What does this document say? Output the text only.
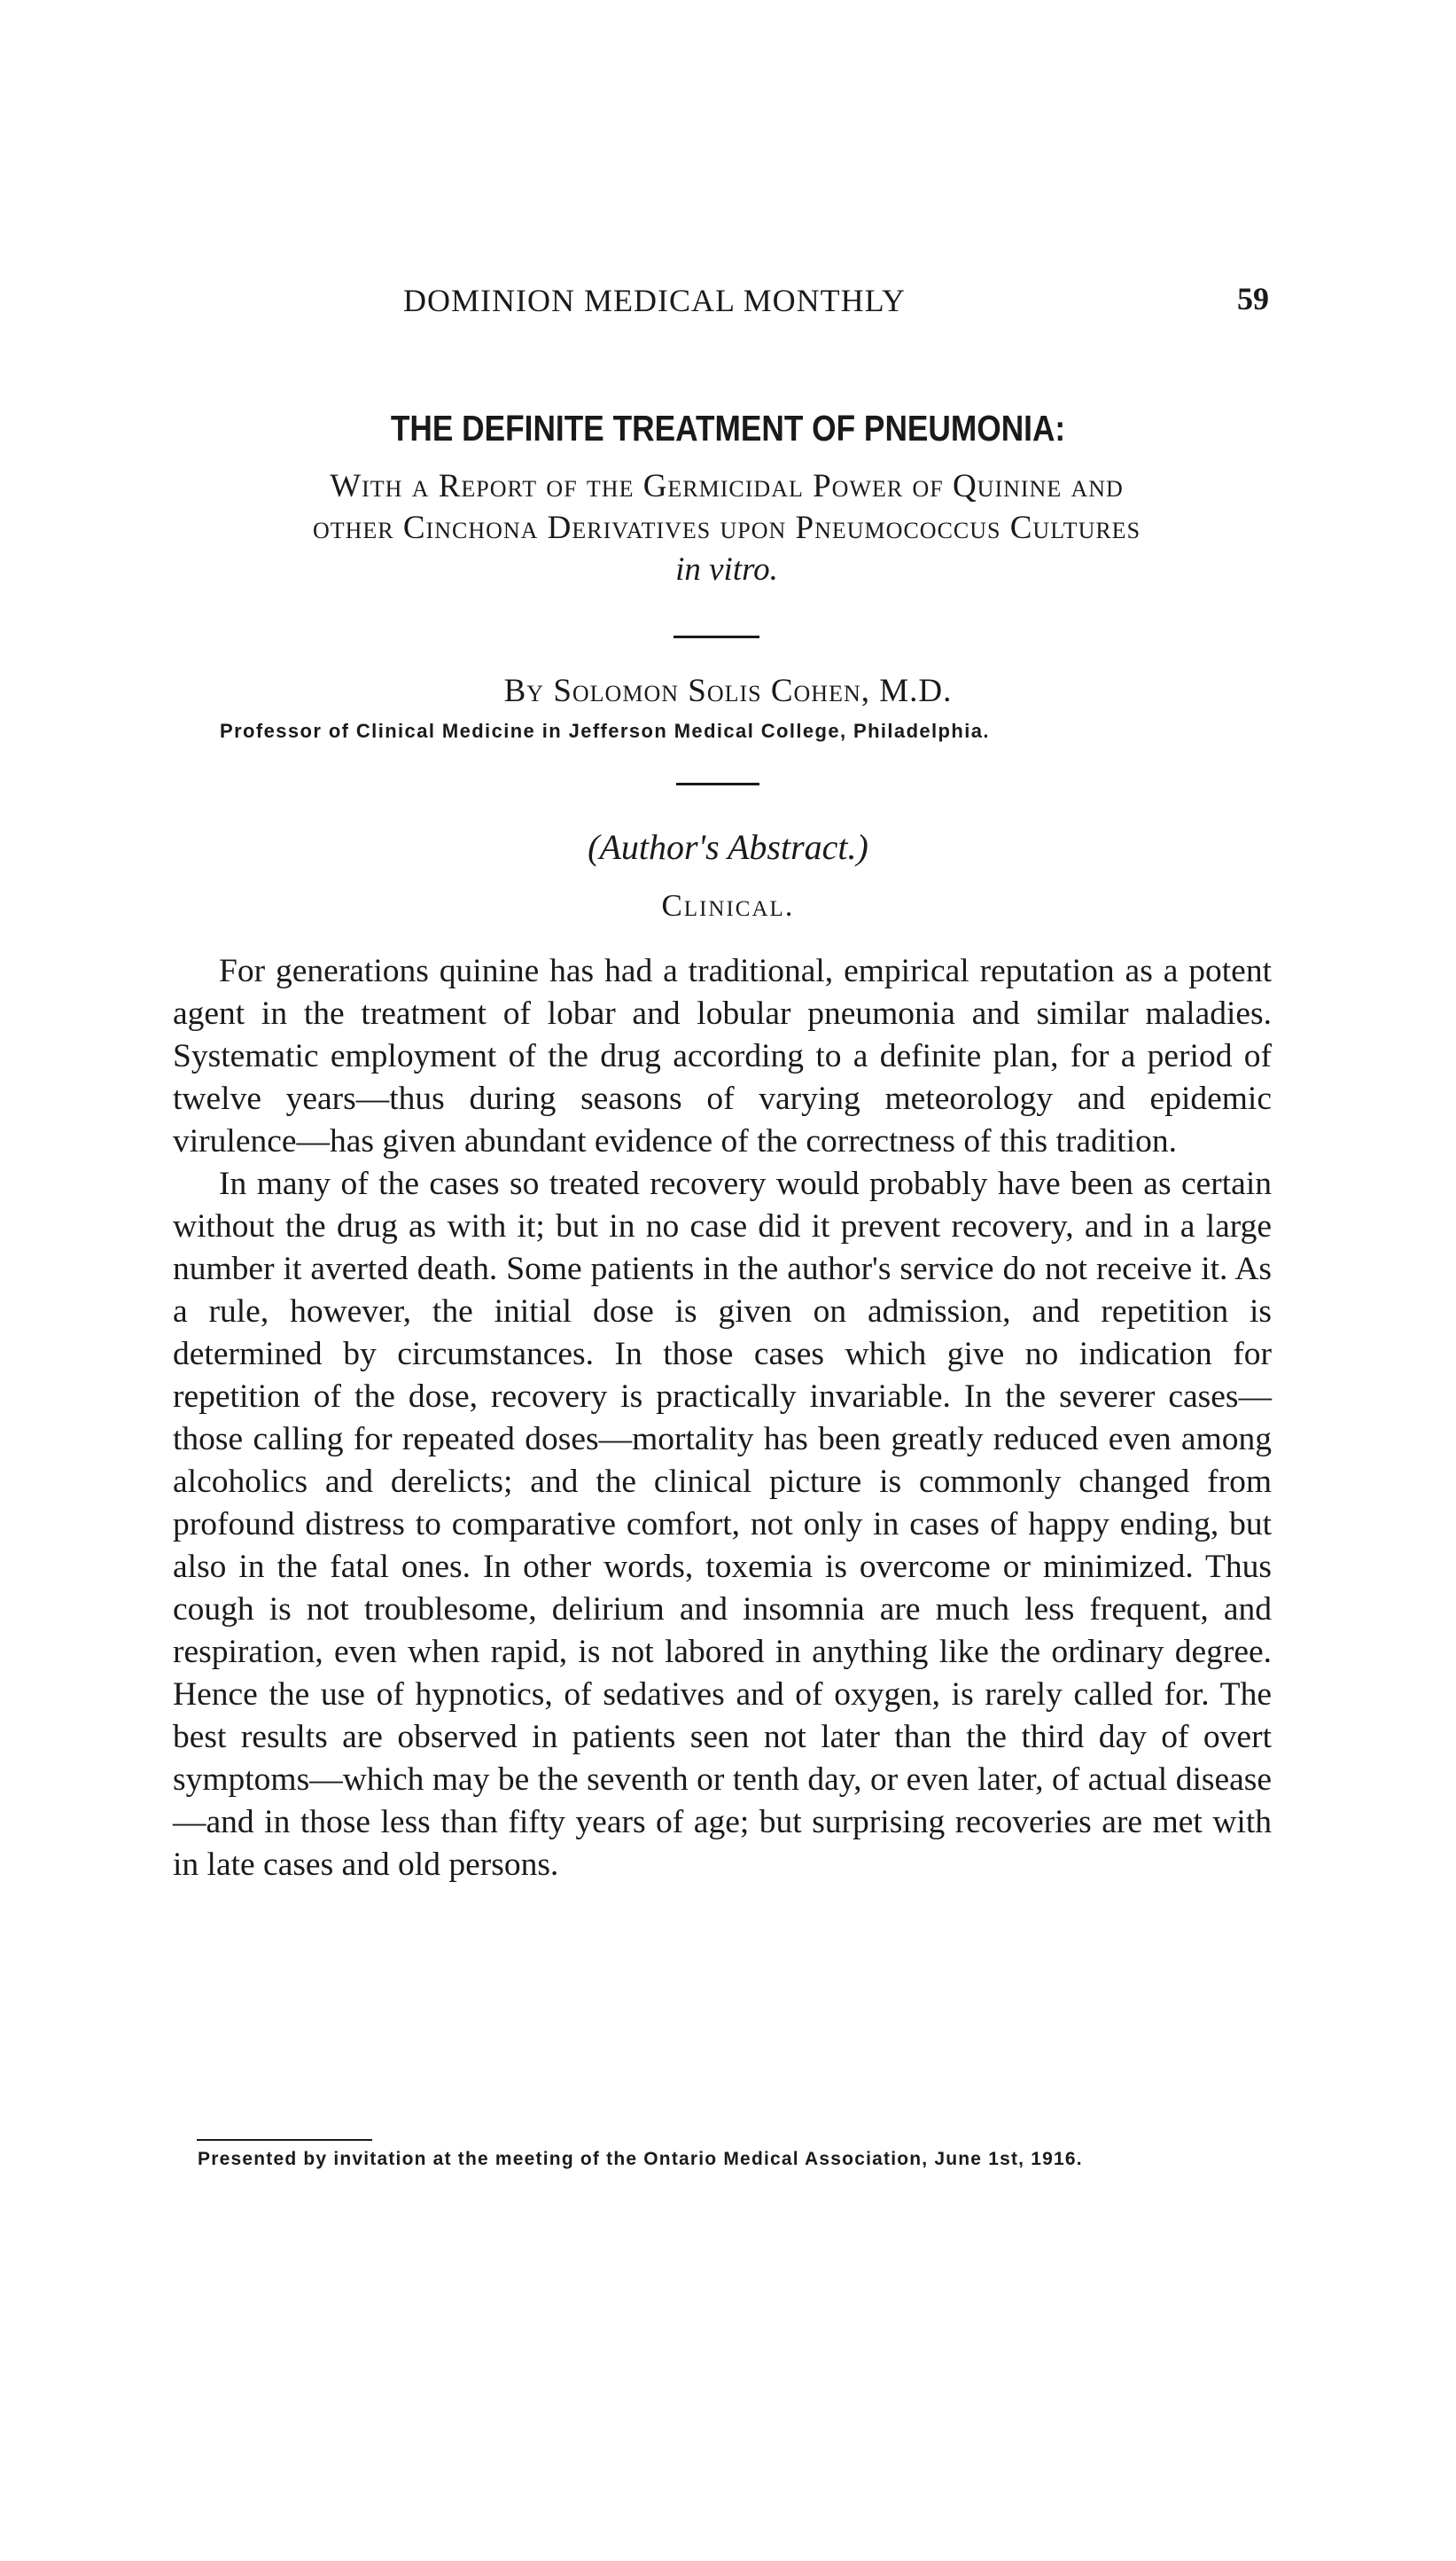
DOMINION MEDICAL MONTHLY	59
THE DEFINITE TREATMENT OF PNEUMONIA:
With a Report of the Germicidal Power of Quinine and
other Cinchona Derivatives upon Pneumococcus Cultures
in vitro.
By Solomon Solis Cohen, M.D.
Professor of Clinical Medicine in Jefferson Medical College, Philadelphia.
(Author's Abstract.)
Clinical.

For generations quinine has had a traditional, empirical reputation as a potent agent in the treatment of lobar and lobular pneumonia and similar maladies. Systematic employment of the drug according to a definite plan, for a period of twelve years—thus during seasons of varying meteorology and epidemic virulence—has given abundant evidence of the correctness of this tradition.

In many of the cases so treated recovery would probably have been as certain without the drug as with it; but in no case did it prevent recovery, and in a large number it averted death. Some patients in the author's service do not receive it. As a rule, however, the initial dose is given on admission, and repetition is determined by circumstances. In those cases which give no indication for repetition of the dose, recovery is practically invariable. In the severer cases—those calling for repeated doses—mortality has been greatly reduced even among alcoholics and derelicts; and the clinical picture is commonly changed from profound distress to comparative comfort, not only in cases of happy ending, but also in the fatal ones. In other words, toxemia is overcome or minimized. Thus cough is not troublesome, delirium and insomnia are much less frequent, and respiration, even when rapid, is not labored in anything like the ordinary degree. Hence the use of hypnotics, of sedatives and of oxygen, is rarely called for. The best results are observed in patients seen not later than the third day of overt symptoms—which may be the seventh or tenth day, or even later, of actual disease—and in those less than fifty years of age; but surprising recoveries are met with in late cases and old persons.

Presented by invitation at the meeting of the Ontario Medical Association, June 1st, 1916.
